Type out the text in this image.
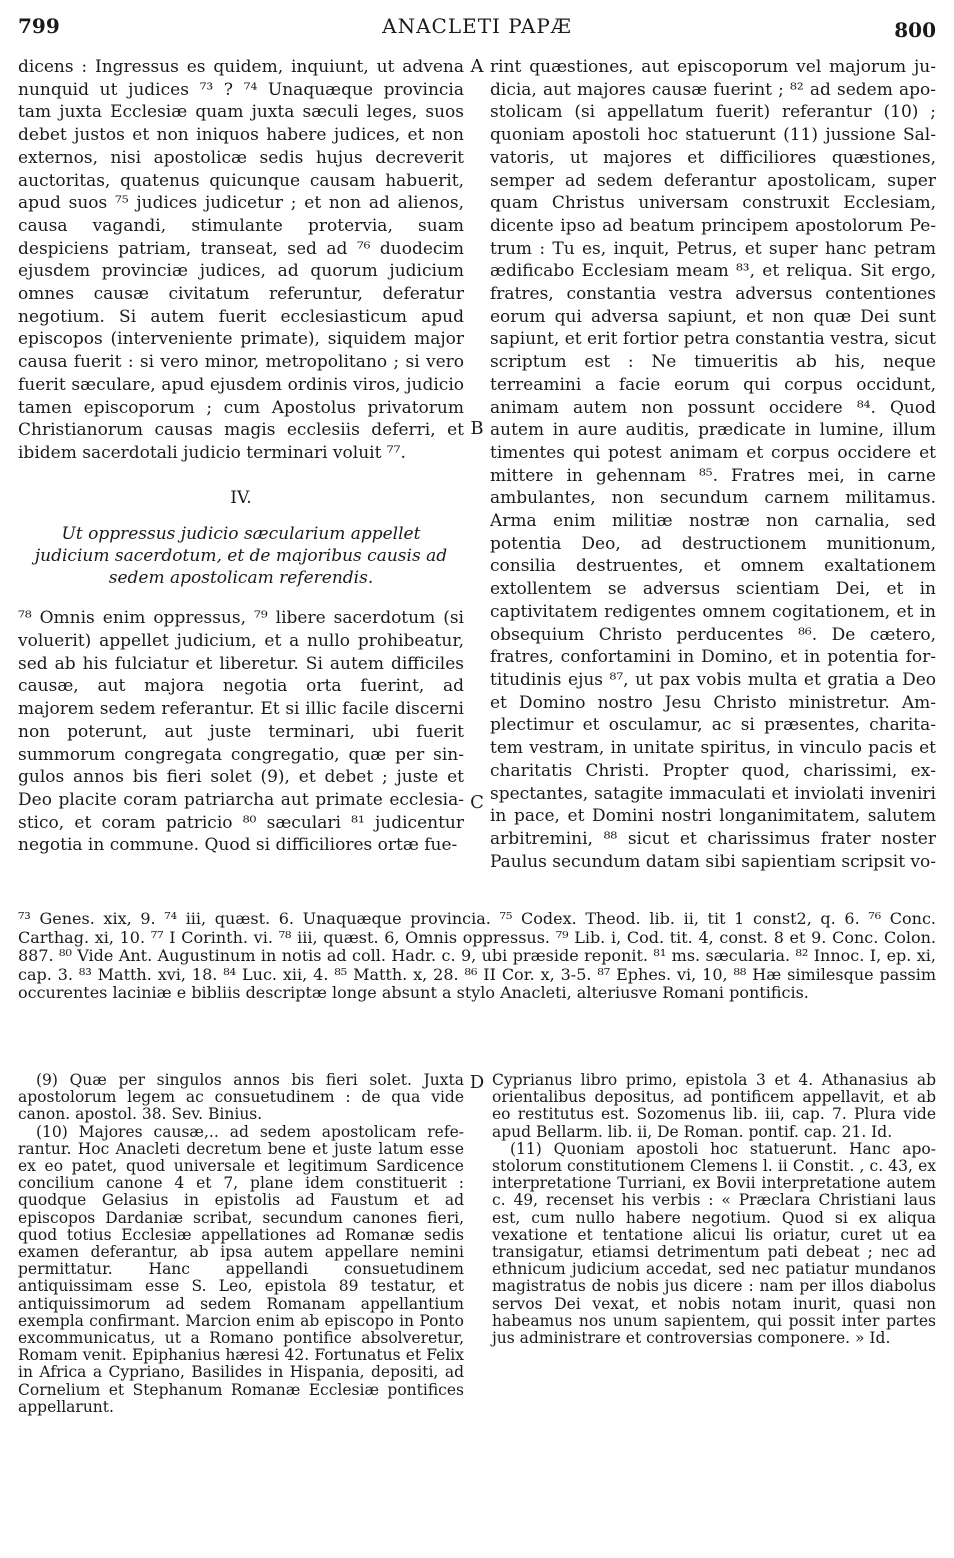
799	ANACLETI PAPÆ	800

dicens : Ingressus es quidem, inquiunt, ut advena nunquid ut judices ⁷³ ? ⁷⁴ Unaquæque provincia tam juxta Ecclesiæ quam juxta sæculi leges, suos debet justos et non iniquos habere judices, et non externos, nisi apostolicæ sedis hujus decreverit auctoritas, quatenus quicunque causam habuerit, apud suos ⁷⁵ judices judicetur ; et non ad alienos, causa vagandi, stimulante protervia, suam despiciens patriam, transeat, sed ad ⁷⁶ duodecim ejusdem provinciæ judices, ad quorum judicium omnes causæ civitatum referuntur, deferatur negotium. Si autem fuerit ecclesiasticum apud episcopos (interveniente primate), siquidem major causa fuerit : si vero minor, metropolitano ; si vero fuerit sæculare, apud ejusdem ordinis viros, judicio tamen episcoporum ; cum Apostolus privatorum Christianorum causas magis ecclesiis deferri, et ibidem sacerdotali judicio terminari voluit ⁷⁷.

IV.
Ut oppressus judicio sæcularium appellet judicium sacerdotum, et de majoribus causis ad sedem apostolicam referendis.

⁷⁸ Omnis enim oppressus, ⁷⁹ libere sacerdotum (si voluerit) appellet judicium, et a nullo prohibeatur, sed ab his fulciatur et liberetur. Si autem difficiles causæ, aut majora negotia orta fuerint, ad majorem sedem referantur. Et si illic facile discerni non poterunt, aut juste terminari, ubi fuerit summorum congregata congregatio, quæ per singulos annos bis fieri solet (9), et debet ; juste et Deo placite coram patriarcha aut primate ecclesiastico, et coram patricio ⁸⁰ sæculari ⁸¹ judicentur negotia in commune. Quod si difficiliores ortæ fue-

A
B
C
D

rint quæstiones, aut episcoporum vel majorum judicia, aut majores causæ fuerint ; ⁸² ad sedem apostolicam (si appellatum fuerit) referantur (10) ; quoniam apostoli hoc statuerunt (11) jussione Salvatoris, ut majores et difficiliores quæstiones, semper ad sedem deferantur apostolicam, super quam Christus universam construxit Ecclesiam, dicente ipso ad beatum principem apostolorum Petrum : Tu es, inquit, Petrus, et super hanc petram ædificabo Ecclesiam meam ⁸³, et reliqua. Sit ergo, fratres, constantia vestra adversus contentiones eorum qui adversa sapiunt, et non quæ Dei sunt sapiunt, et erit fortior petra constantia vestra, sicut scriptum est : Ne timueritis ab his, neque terreamini a facie eorum qui corpus occidunt, animam autem non possunt occidere ⁸⁴. Quod autem in aure auditis, prædicate in lumine, illum timentes qui potest animam et corpus occidere et mittere in gehennam ⁸⁵. Fratres mei, in carne ambulantes, non secundum carnem militamus. Arma enim militiæ nostræ non carnalia, sed potentia Deo, ad destructionem munitionum, consilia destruentes, et omnem exaltationem extollentem se adversus scientiam Dei, et in captivitatem redigentes omnem cogitationem, et in obsequium Christo perducentes ⁸⁶. De cætero, fratres, confortamini in Domino, et in potentia fortitudinis ejus ⁸⁷, ut pax vobis multa et gratia a Deo et Domino nostro Jesu Christo ministretur. Amplectimur et osculamur, ac si præsentes, charitatem vestram, in unitate spiritus, in vinculo pacis et charitatis Christi. Propter quod, charissimi, exspectantes, satagite immaculati et inviolati inveniri in pace, et Domini nostri longanimitatem, salutem arbitremini, ⁸⁸ sicut et charissimus frater noster Paulus secundum datam sibi sapientiam scripsit vo-

⁷³ Genes. xix, 9. ⁷⁴ iii, quæst. 6. Unaquæque provincia. ⁷⁵ Codex. Theod. lib. ii, tit 1 const2, q. 6. ⁷⁶ Conc. Carthag. xi, 10. ⁷⁷ I Corinth. vi. ⁷⁸ iii, quæst. 6, Omnis oppressus. ⁷⁹ Lib. i, Cod. tit. 4, const. 8 et 9. Conc. Colon. 887. ⁸⁰ Vide Ant. Augustinum in notis ad coll. Hadr. c. 9, ubi præside reponit. ⁸¹ ms. sæcularia. ⁸² Innoc. I, ep. xi, cap. 3. ⁸³ Matth. xvi, 18. ⁸⁴ Luc. xii, 4. ⁸⁵ Matth. x, 28. ⁸⁶ II Cor. x, 3-5. ⁸⁷ Ephes. vi, 10, ⁸⁸ Hæ similesque passim occurentes laciniæ e bibliis descriptæ longe absunt a stylo Anacleti, alteriusve Romani pontificis.

(9) Quæ per singulos annos bis fieri solet. Juxta apostolorum legem ac consuetudinem : de qua vide canon. apostol. 38. Sev. Binius.

(10) Majores causæ,.. ad sedem apostolicam referantur. Hoc Anacleti decretum bene et juste latum esse ex eo patet, quod universale et legitimum Sardicence concilium canone 4 et 7, plane idem constituerit : quodque Gelasius in epistolis ad Faustum et ad episcopos Dardaniæ scribat, secundum canones fieri, quod totius Ecclesiæ appellationes ad Romanæ sedis examen deferantur, ab ipsa autem appellare nemini permittatur. Hanc appellandi consuetudinem antiquissimam esse S. Leo, epistola 89 testatur, et antiquissimorum ad sedem Romanam appellantium exempla confirmant. Marcion enim ab episcopo in Ponto excommunicatus, ut a Romano pontifice absolveretur, Romam venit. Epiphanius hæresi 42. Fortunatus et Felix in Africa a Cypriano, Basilides in Hispania, depositi, ad Cornelium et Stephanum Romanæ Ecclesiæ pontifices appellarunt.

Cyprianus libro primo, epistola 3 et 4. Athanasius ab orientalibus depositus, ad pontificem appellavit, et ab eo restitutus est. Sozomenus lib. iii, cap. 7. Plura vide apud Bellarm. lib. ii, De Roman. pontif. cap. 21. Id.

(11) Quoniam apostoli hoc statuerunt. Hanc apostolorum constitutionem Clemens l. ii Constit. , c. 43, ex interpretatione Turriani, ex Bovii interpretatione autem c. 49, recenset his verbis : « Præclara Christiani laus est, cum nullo habere negotium. Quod si ex aliqua vexatione et tentatione alicui lis oriatur, curet ut ea transigatur, etiamsi detrimentum pati debeat ; nec ad ethnicum judicium accedat, sed nec patiatur mundanos magistratus de nobis jus dicere : nam per illos diabolus servos Dei vexat, et nobis notam inurit, quasi non habeamus nos unum sapientem, qui possit inter partes jus administrare et controversias componere. » Id.
